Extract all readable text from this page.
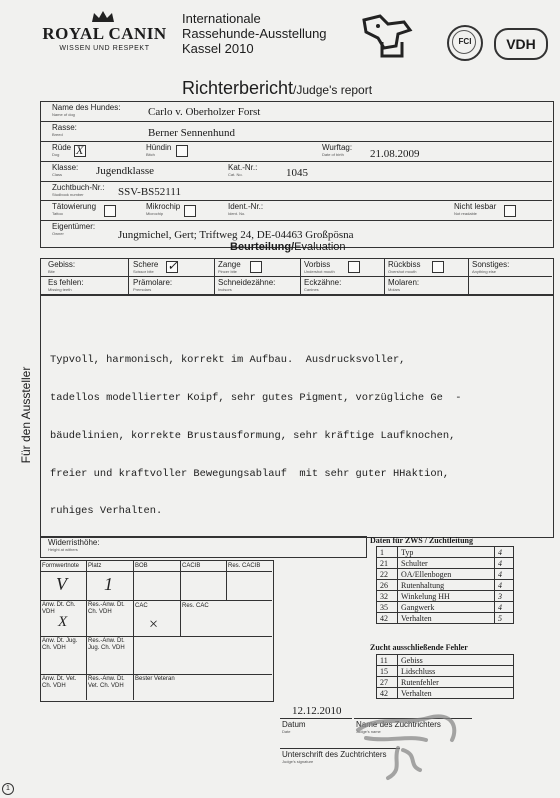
ROYAL CANIN
WISSEN UND RESPEKT
Internationale
Rassehunde-Ausstellung
Kassel 2010	FCI	VDH
Richterbericht/Judge's report
Name des Hundes:
Name of dog	Carlo v. Oberholzer Forst
Rasse:
Breed	Berner Sennenhund
Rüde
Dog	X	Hündin
Bitch
Wurftag:
Date of birth	21.08.2009
Klasse:
Class	Jugendklasse	Kat.-Nr.:
Cat. No.	1045
Zuchtbuch-Nr.:
Studbook number	SSV-BS52111
Tätowierung
Tattoo
Mikrochip
Microchip
Ident.-Nr.:
Ident. No.
Nicht lesbar
Not readable
Eigentümer:
Owner	Jungmichel, Gert; Triftweg 24, DE-04463 Großpösna
Beurteilung/Evaluation
Gebiss:
Bite
Schere
Scissor bite	✓	Zange
Pincer bite
Vorbiss
Undershot mouth
Rückbiss
Overshot mouth
Sonstiges:
Anything else
Es fehlen:
Missing teeth
Prämolare:
Premolars
Schneidezähne:
Incisors
Eckzähne:
Canines
Molaren:
Molars
Für den Aussteller

Typvoll, harmonisch, korrekt im Aufbau.  Ausdrucksvoller,

tadellos modellierter Koipf, sehr gutes Pigment, vorzügliche Ge  -

bäudelinien, korrekte Brustausformung, sehr kräftige Laufknochen,

freier und kraftvoller Bewegungsablauf  mit sehr guter HHaktion,

ruhiges Verhalten.

Widerristhöhe:
Height at withers
Formwertnote Platz	BOB	CACIB	Res. CACIB
V 1
Anw. Dt. Ch. VDH
Res.-Anw. Dt. Ch. VDH
CAC	Res. CAC
X	×
Anw. Dt. Jug. Ch. VDH
Res.-Anw. Dt. Jug. Ch. VDH
Anw. Dt. Vet. Ch. VDH
Res.-Anw. Dt. Vet. Ch. VDH
Bester Veteran
Daten für ZWS / Zuchtleitung
1	Typ	4
21	Schulter	4
22	OA/Ellenbogen	4
26	Rutenhaltung	4
32	Winkelung HH	3
35	Gangwerk	4
42	Verhalten	5
Zucht ausschließende Fehler
11	Gebiss
15	Lidschluss
27	Rutenfehler
42	Verhalten
12.12.2010
Datum
Date
Name des Zuchtrichters
Judge's name
Unterschrift des Zuchtrichters
Judge's signature
1
